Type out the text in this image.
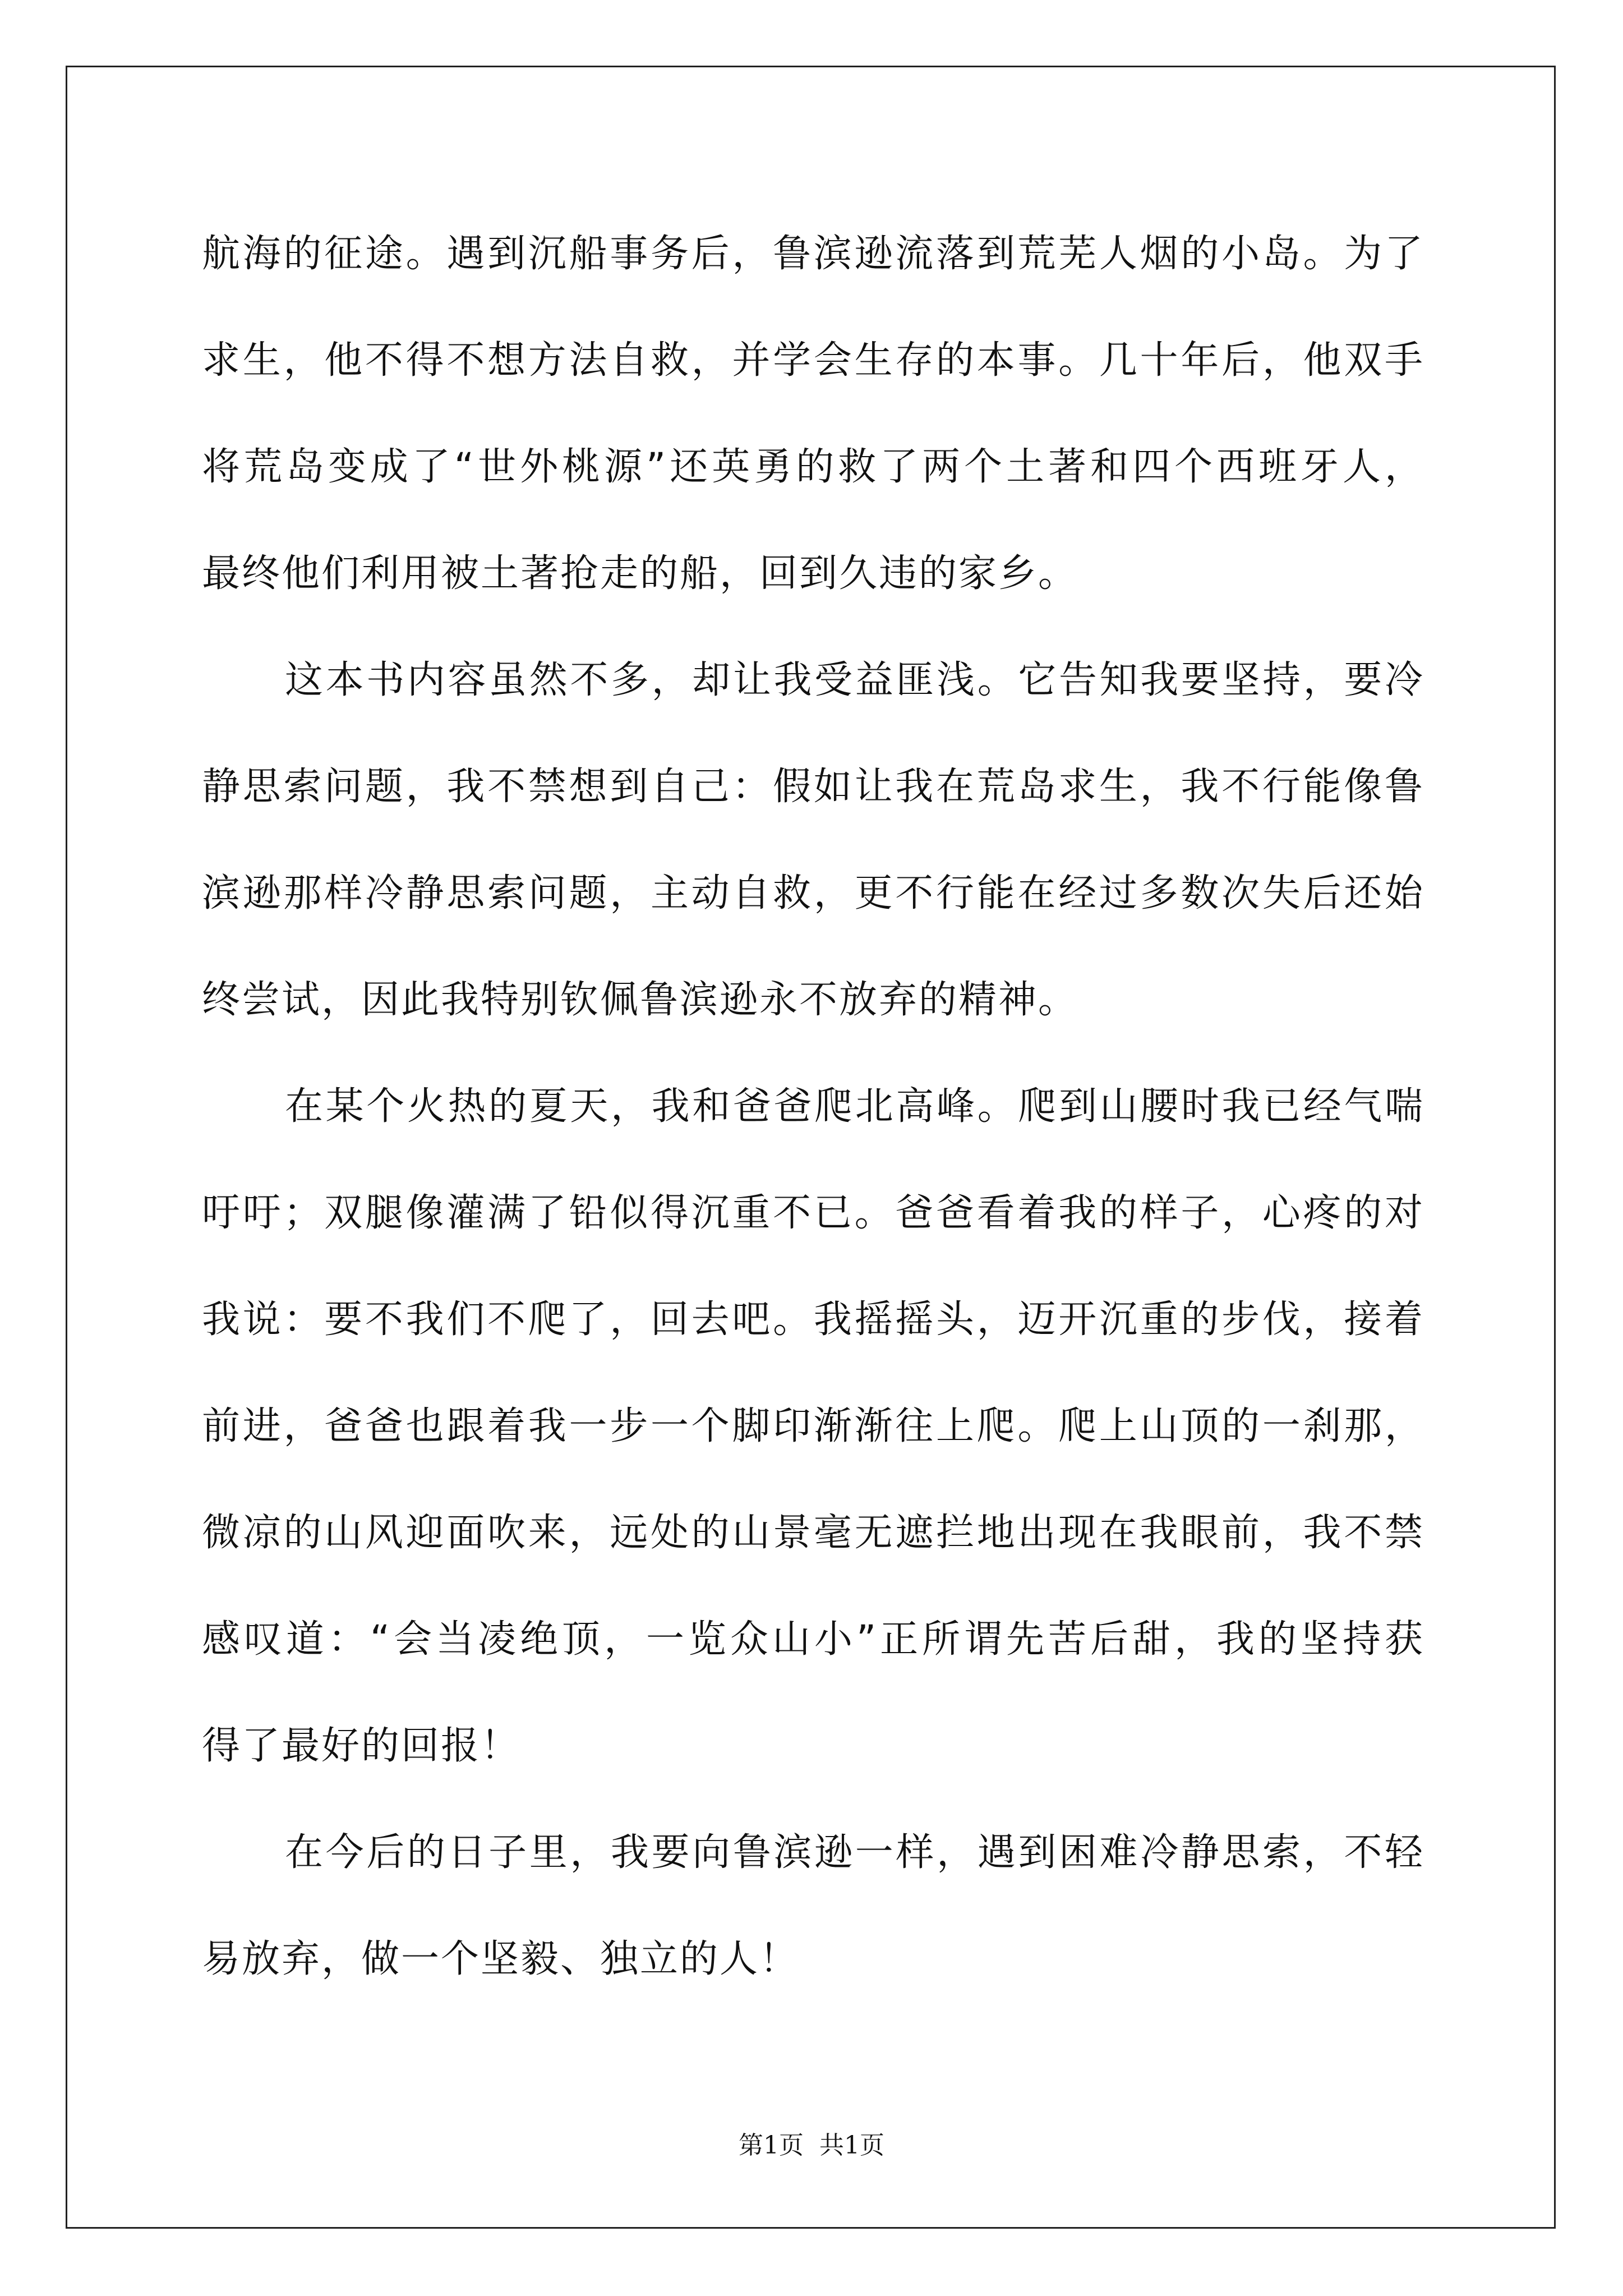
航海的征途。遇到沉船事务后，鲁滨逊流落到荒芜人烟的小岛。为了
求生，他不得不想方法自救，并学会生存的本事。几十年后，他双手
将荒岛变成了“世外桃源”还英勇的救了两个土著和四个西班牙人，
最终他们利用被土著抢走的船，回到久违的家乡。
这本书内容虽然不多，却让我受益匪浅。它告知我要坚持，要冷
静思索问题，我不禁想到自己：假如让我在荒岛求生，我不行能像鲁
滨逊那样冷静思索问题，主动自救，更不行能在经过多数次失后还始
终尝试，因此我特别钦佩鲁滨逊永不放弃的精神。
在某个火热的夏天，我和爸爸爬北高峰。爬到山腰时我已经气喘
吁吁；双腿像灌满了铅似得沉重不已。爸爸看着我的样子，心疼的对
我说：要不我们不爬了，回去吧。我摇摇头，迈开沉重的步伐，接着
前进，爸爸也跟着我一步一个脚印渐渐往上爬。爬上山顶的一刹那，
微凉的山风迎面吹来，远处的山景毫无遮拦地出现在我眼前，我不禁
感叹道：“会当凌绝顶，一览众山小”正所谓先苦后甜，我的坚持获
得了最好的回报！
在今后的日子里，我要向鲁滨逊一样，遇到困难冷静思索，不轻
易放弃，做一个坚毅、独立的人！
第1页 共1页
